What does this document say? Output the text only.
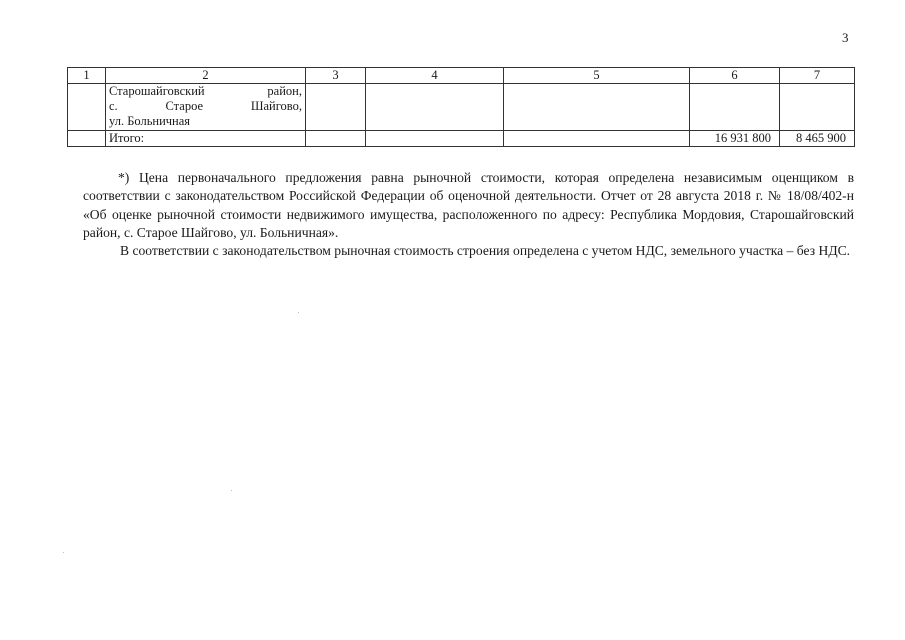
3
1	2	3	4	5	6	7

	Старошайговский район,
с. Старое Шайгово,
ул. Больничная					

	Итого:				16 931 800	8 465 900

*) Цена первоначального предложения равна рыночной стоимости, которая определена независимым оценщиком в соответствии с законодательством Российской Федерации об оценочной деятельности. Отчет от 28 августа 2018 г. № 18/08/402-н «Об оценке рыночной стоимости недвижимого имущества, расположенного по адресу: Республика Мордовия, Старошайговский район, с. Старое Шайгово, ул. Больничная».

В соответствии с законодательством рыночная стоимость строения определена с учетом НДС, земельного участка – без НДС.
